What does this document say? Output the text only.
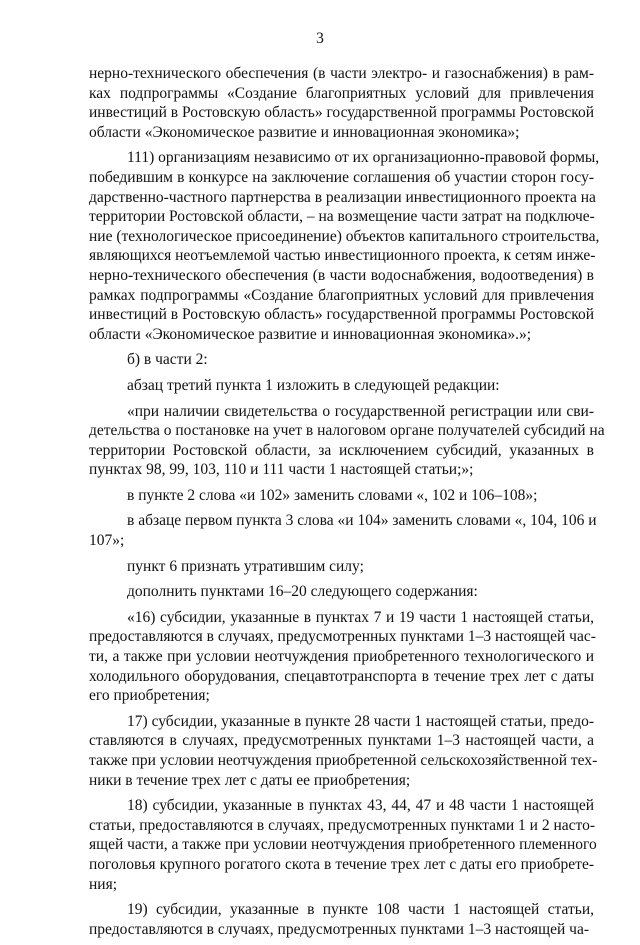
3

нерно-технического обеспечения (в части электро- и газоснабжения) в рам-
ках подпрограммы «Создание благоприятных условий для привлечения
инвестиций в Ростовскую область» государственной программы Ростовской
области «Экономическое развитие и инновационная экономика»;

111) организациям независимо от их организационно-правовой формы,
победившим в конкурсе на заключение соглашения об участии сторон госу-
дарственно-частного партнерства в реализации инвестиционного проекта на
территории Ростовской области, – на возмещение части затрат на подключе-
ние (технологическое присоединение) объектов капитального строительства,
являющихся неотъемлемой частью инвестиционного проекта, к сетям инже-
нерно-технического обеспечения (в части водоснабжения, водоотведения) в
рамках подпрограммы «Создание благоприятных условий для привлечения
инвестиций в Ростовскую область» государственной программы Ростовской
области «Экономическое развитие и инновационная экономика».»;

б) в части 2:

абзац третий пункта 1 изложить в следующей редакции:

«при наличии свидетельства о государственной регистрации или сви-
детельства о постановке на учет в налоговом органе получателей субсидий на
территории Ростовской области, за исключением субсидий, указанных в
пунктах 98, 99, 103, 110 и 111 части 1 настоящей статьи;»;

в пункте 2 слова «и 102» заменить словами «, 102 и 106–108»;

в абзаце первом пункта 3 слова «и 104» заменить словами «, 104, 106 и
107»;

пункт 6 признать утратившим силу;

дополнить пунктами 16–20 следующего содержания:

«16) субсидии, указанные в пунктах 7 и 19 части 1 настоящей статьи,
предоставляются в случаях, предусмотренных пунктами 1–3 настоящей час-
ти, а также при условии неотчуждения приобретенного технологического и
холодильного оборудования, спецавтотранспорта в течение трех лет с даты
его приобретения;

17) субсидии, указанные в пункте 28 части 1 настоящей статьи, предо-
ставляются в случаях, предусмотренных пунктами 1–3 настоящей части, а
также при условии неотчуждения приобретенной сельскохозяйственной тех-
ники в течение трех лет с даты ее приобретения;

18) субсидии, указанные в пунктах 43, 44, 47 и 48 части 1 настоящей
статьи, предоставляются в случаях, предусмотренных пунктами 1 и 2 насто-
ящей части, а также при условии неотчуждения приобретенного племенного
поголовья крупного рогатого скота в течение трех лет с даты его приобрете-
ния;

19) субсидии, указанные в пункте 108 части 1 настоящей статьи,
предоставляются в случаях, предусмотренных пунктами 1–3 настоящей ча-
